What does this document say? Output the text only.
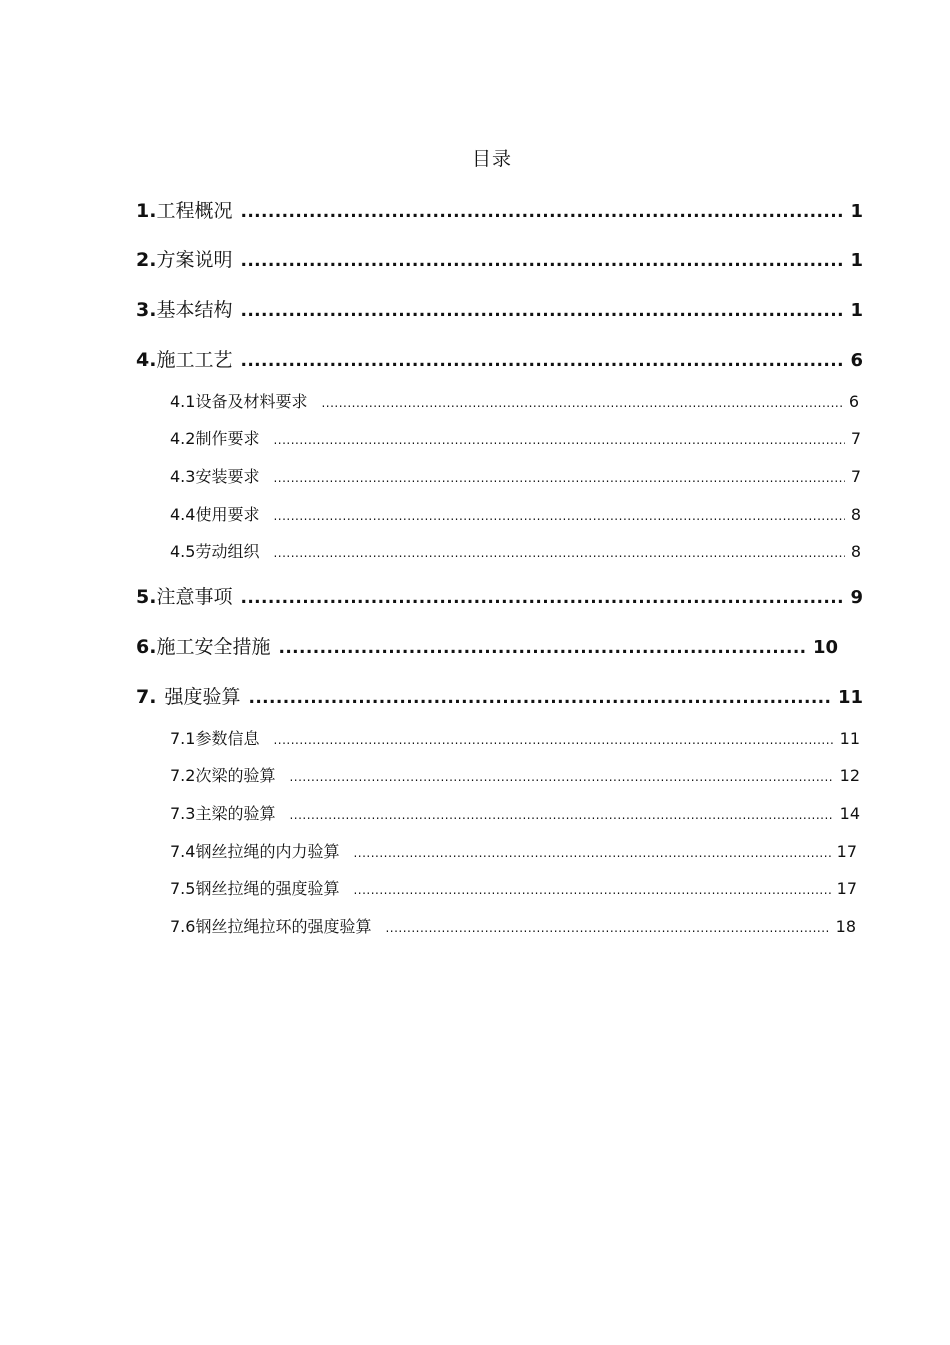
目录
1. 工程概况 .....	1
2. 方案说明 .....	1
3. 基本结构 .....	1
4. 施工工艺 .....	6
4.1 设备及材料要求 .....	6
4.2 制作要求 .....	7
4.3 安装要求 .....	7
4.4 使用要求 .....	8
4.5 劳动组织 .....	8
5. 注意事项 .....	9
6. 施工安全措施 .....	10
7. 强度验算 .....	11
7.1 参数信息 .....	11
7.2 次梁的验算 .....	12
7.3 主梁的验算 .....	14
7.4 钢丝拉绳的内力验算 .....	17
7.5 钢丝拉绳的强度验算 .....	17
7.6 钢丝拉绳拉环的强度验算 .....	18
